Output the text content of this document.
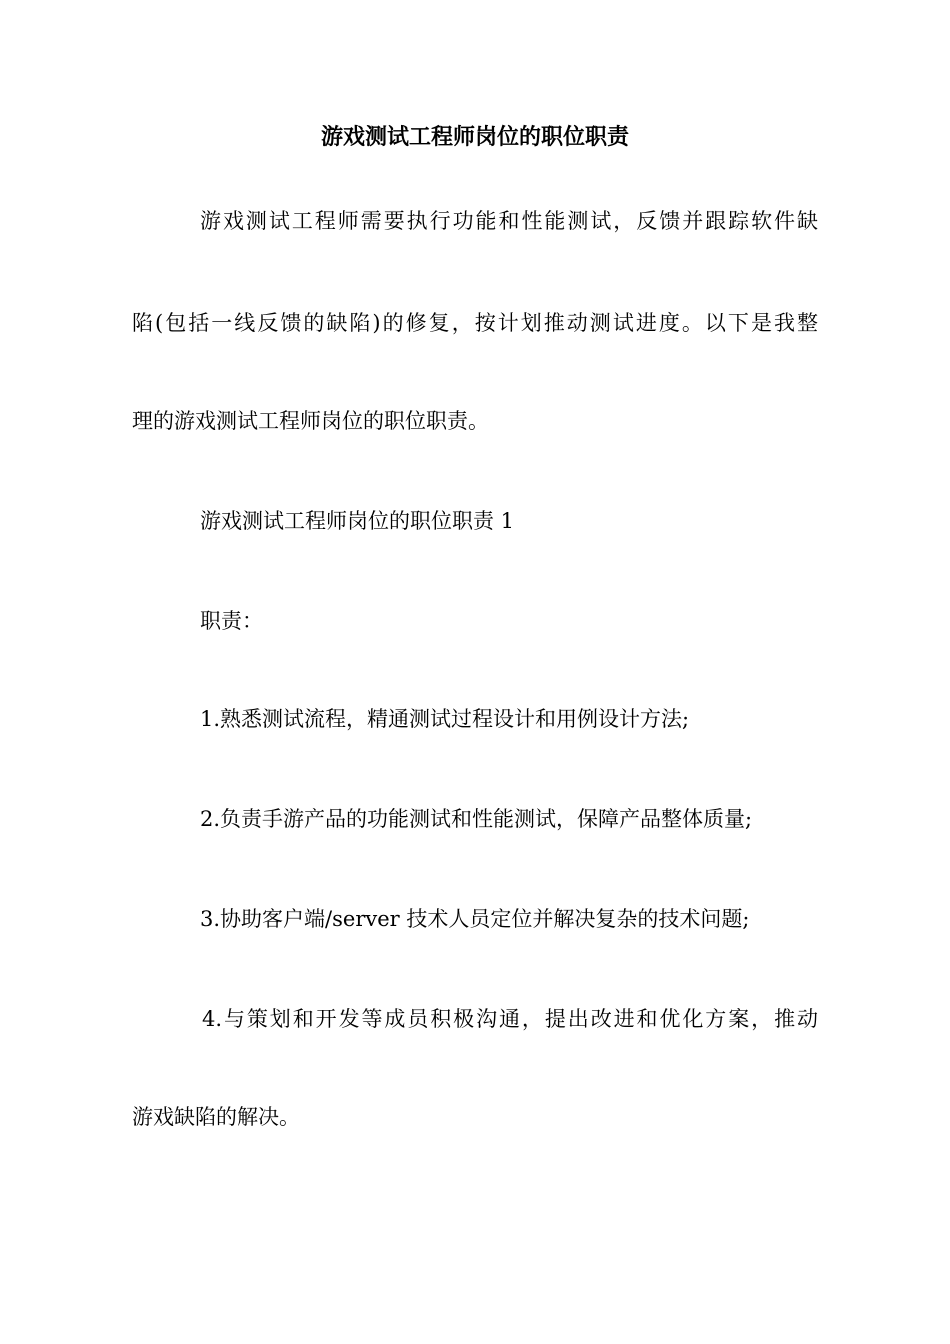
游戏测试工程师岗位的职位职责

游戏测试工程师需要执行功能和性能测试，反馈并跟踪软件缺

陷(包括一线反馈的缺陷)的修复，按计划推动测试进度。以下是我整

理的游戏测试工程师岗位的职位职责。

游戏测试工程师岗位的职位职责 1

职责：

1.熟悉测试流程，精通测试过程设计和用例设计方法;

2.负责手游产品的功能测试和性能测试，保障产品整体质量;

3.协助客户端/server 技术人员定位并解决复杂的技术问题;

4.与策划和开发等成员积极沟通，提出改进和优化方案，推动

游戏缺陷的解决。
